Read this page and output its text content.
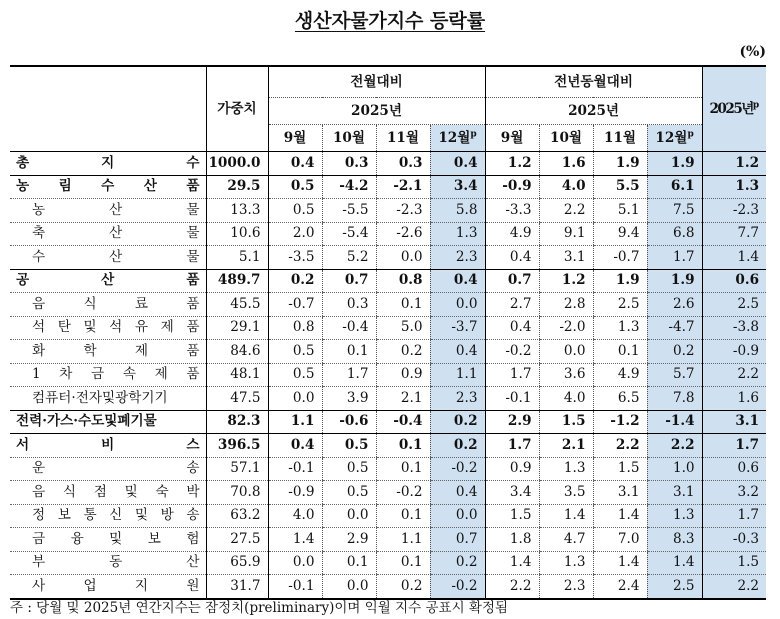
생산자물가지수 등락률
(%)
	가중치	전월대비				전년동월대비				2025년$^p$
		2025년				2025년				
		9월	10월	11월	12월$^p$	9월	10월	11월	12월$^p$
총 지 수	1000.0	0.4	0.3	0.3	0.4	1.2	1.6	1.9	1.9	1.2
농 림 수 산 품	29.5	0.5	-4.2	-2.1	3.4	-0.9	4.0	5.5	6.1	1.3
농 산 물	13.3	0.5	-5.5	-2.3	5.8	-3.3	2.2	5.1	7.5	-2.3
축 산 물	10.6	2.0	-5.4	-2.6	1.3	4.9	9.1	9.4	6.8	7.7
수 산 물	5.1	-3.5	5.2	0.0	2.3	0.4	3.1	-0.7	1.7	1.4
공 산 품	489.7	0.2	0.7	0.8	0.4	0.7	1.2	1.9	1.9	0.6
음 식 료 품	45.5	-0.7	0.3	0.1	0.0	2.7	2.8	2.5	2.6	2.5
석 탄 및 석 유 제 품	29.1	0.8	-0.4	5.0	-3.7	0.4	-2.0	1.3	-4.7	-3.8
화 학 제 품	84.6	0.5	0.1	0.2	0.4	-0.2	0.0	0.1	0.2	-0.9
1 차 금 속 제 품	48.1	0.5	1.7	0.9	1.1	1.7	3.6	4.9	5.7	2.2
컴퓨터·전자및광학기기	47.5	0.0	3.9	2.1	2.3	-0.1	4.0	6.5	7.8	1.6
전력·가스·수도및폐기물	82.3	1.1	-0.6	-0.4	0.2	2.9	1.5	-1.2	-1.4	3.1
서 비 스	396.5	0.4	0.5	0.1	0.2	1.7	2.1	2.2	2.2	1.7
운 송	57.1	-0.1	0.5	0.1	-0.2	0.9	1.3	1.5	1.0	0.6
음 식 점 및 숙 박	70.8	-0.9	0.5	-0.2	0.4	3.4	3.5	3.1	3.1	3.2
정 보 통 신 및 방 송	63.2	4.0	0.0	0.1	0.0	1.5	1.4	1.4	1.3	1.7
금 융 및 보 험	27.5	1.4	2.9	1.1	0.7	1.8	4.7	7.0	8.3	-0.3
부 동 산	65.9	0.0	0.1	0.1	0.2	1.4	1.3	1.4	1.4	1.5
사 업 지 원	31.7	-0.1	0.0	0.2	-0.2	2.2	2.3	2.4	2.5	2.2
주 : 당월 및 2025년 연간지수는 잠정치(preliminary)이며 익월 지수 공표시 확정됨
